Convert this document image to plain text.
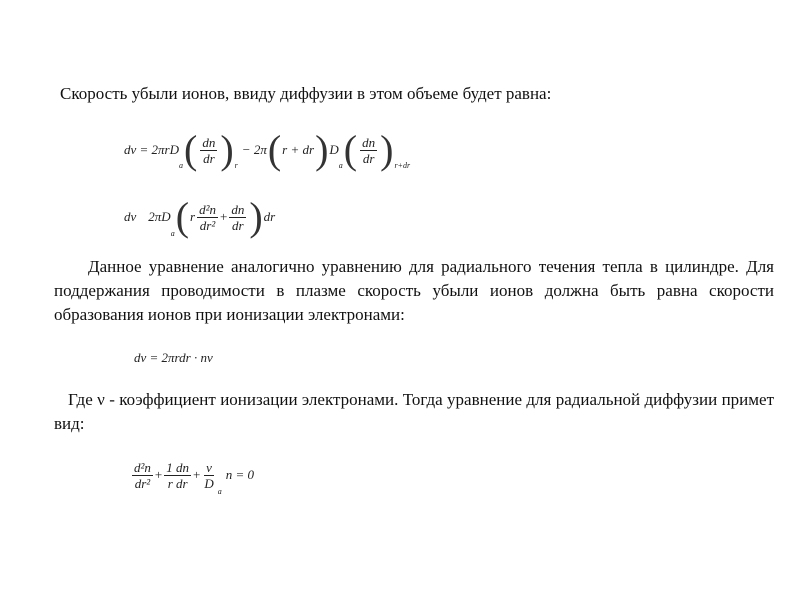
Скорость убыли ионов, ввиду диффузии в этом объеме будет равна:

dν = 2πrD
a ( $\frac{dn}{dr}$ ) r
− 2π ( r + dr ) D
a ( $\frac{dn}{dr}$ ) r+dr
dν 2πD
a ( r $\frac{\text{d²n}}{\text{dr²}} + \frac{dn}{dr}$ ) dr

Данное уравнение аналогично уравнению для радиального течения тепла в цилиндре. Для поддержания проводимости в плазме скорость убыли ионов должна быть равна скорости образования ионов при ионизации электронами:

dν = 2πrdr · nν

Где ν - коэффициент ионизации электронами. Тогда уравнение для радиальной диффузии примет вид:

$\frac{\text{d²n}}{\text{dr²}} + \frac{1 dn}{\text{r dr}} + \frac{\nu}{D}$
a
n = 0
